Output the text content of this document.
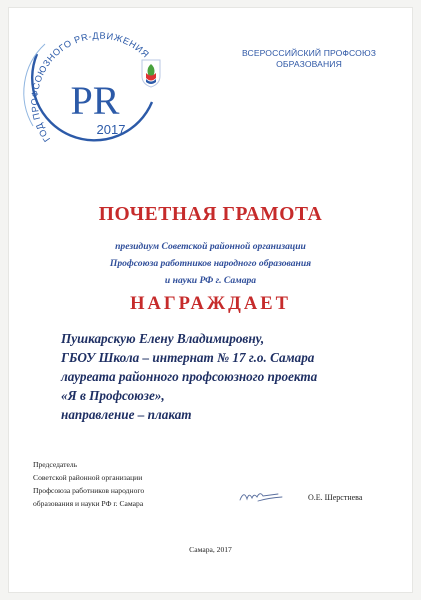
ГОД ПРОФСОЮЗНОГО PR-ДВИЖЕНИЯ
PR
2017
ВСЕРОССИЙСКИЙ ПРОФСОЮЗ
ОБРАЗОВАНИЯ
ПОЧЕТНАЯ ГРАМОТА
президиум Советской районной организации
Профсоюза работников народного образования
и науки РФ г. Самара
НАГРАЖДАЕТ
Пушкарскую Елену Владимировну,
ГБОУ Школа – интернат № 17 г.о. Самара
лауреата районного профсоюзного проекта
«Я в Профсоюзе»,
направление – плакат
Председатель
Советской районной организации
Профсоюза работников народного
образования и науки РФ г. Самара
О.Е. Шерстнева
Самара, 2017
